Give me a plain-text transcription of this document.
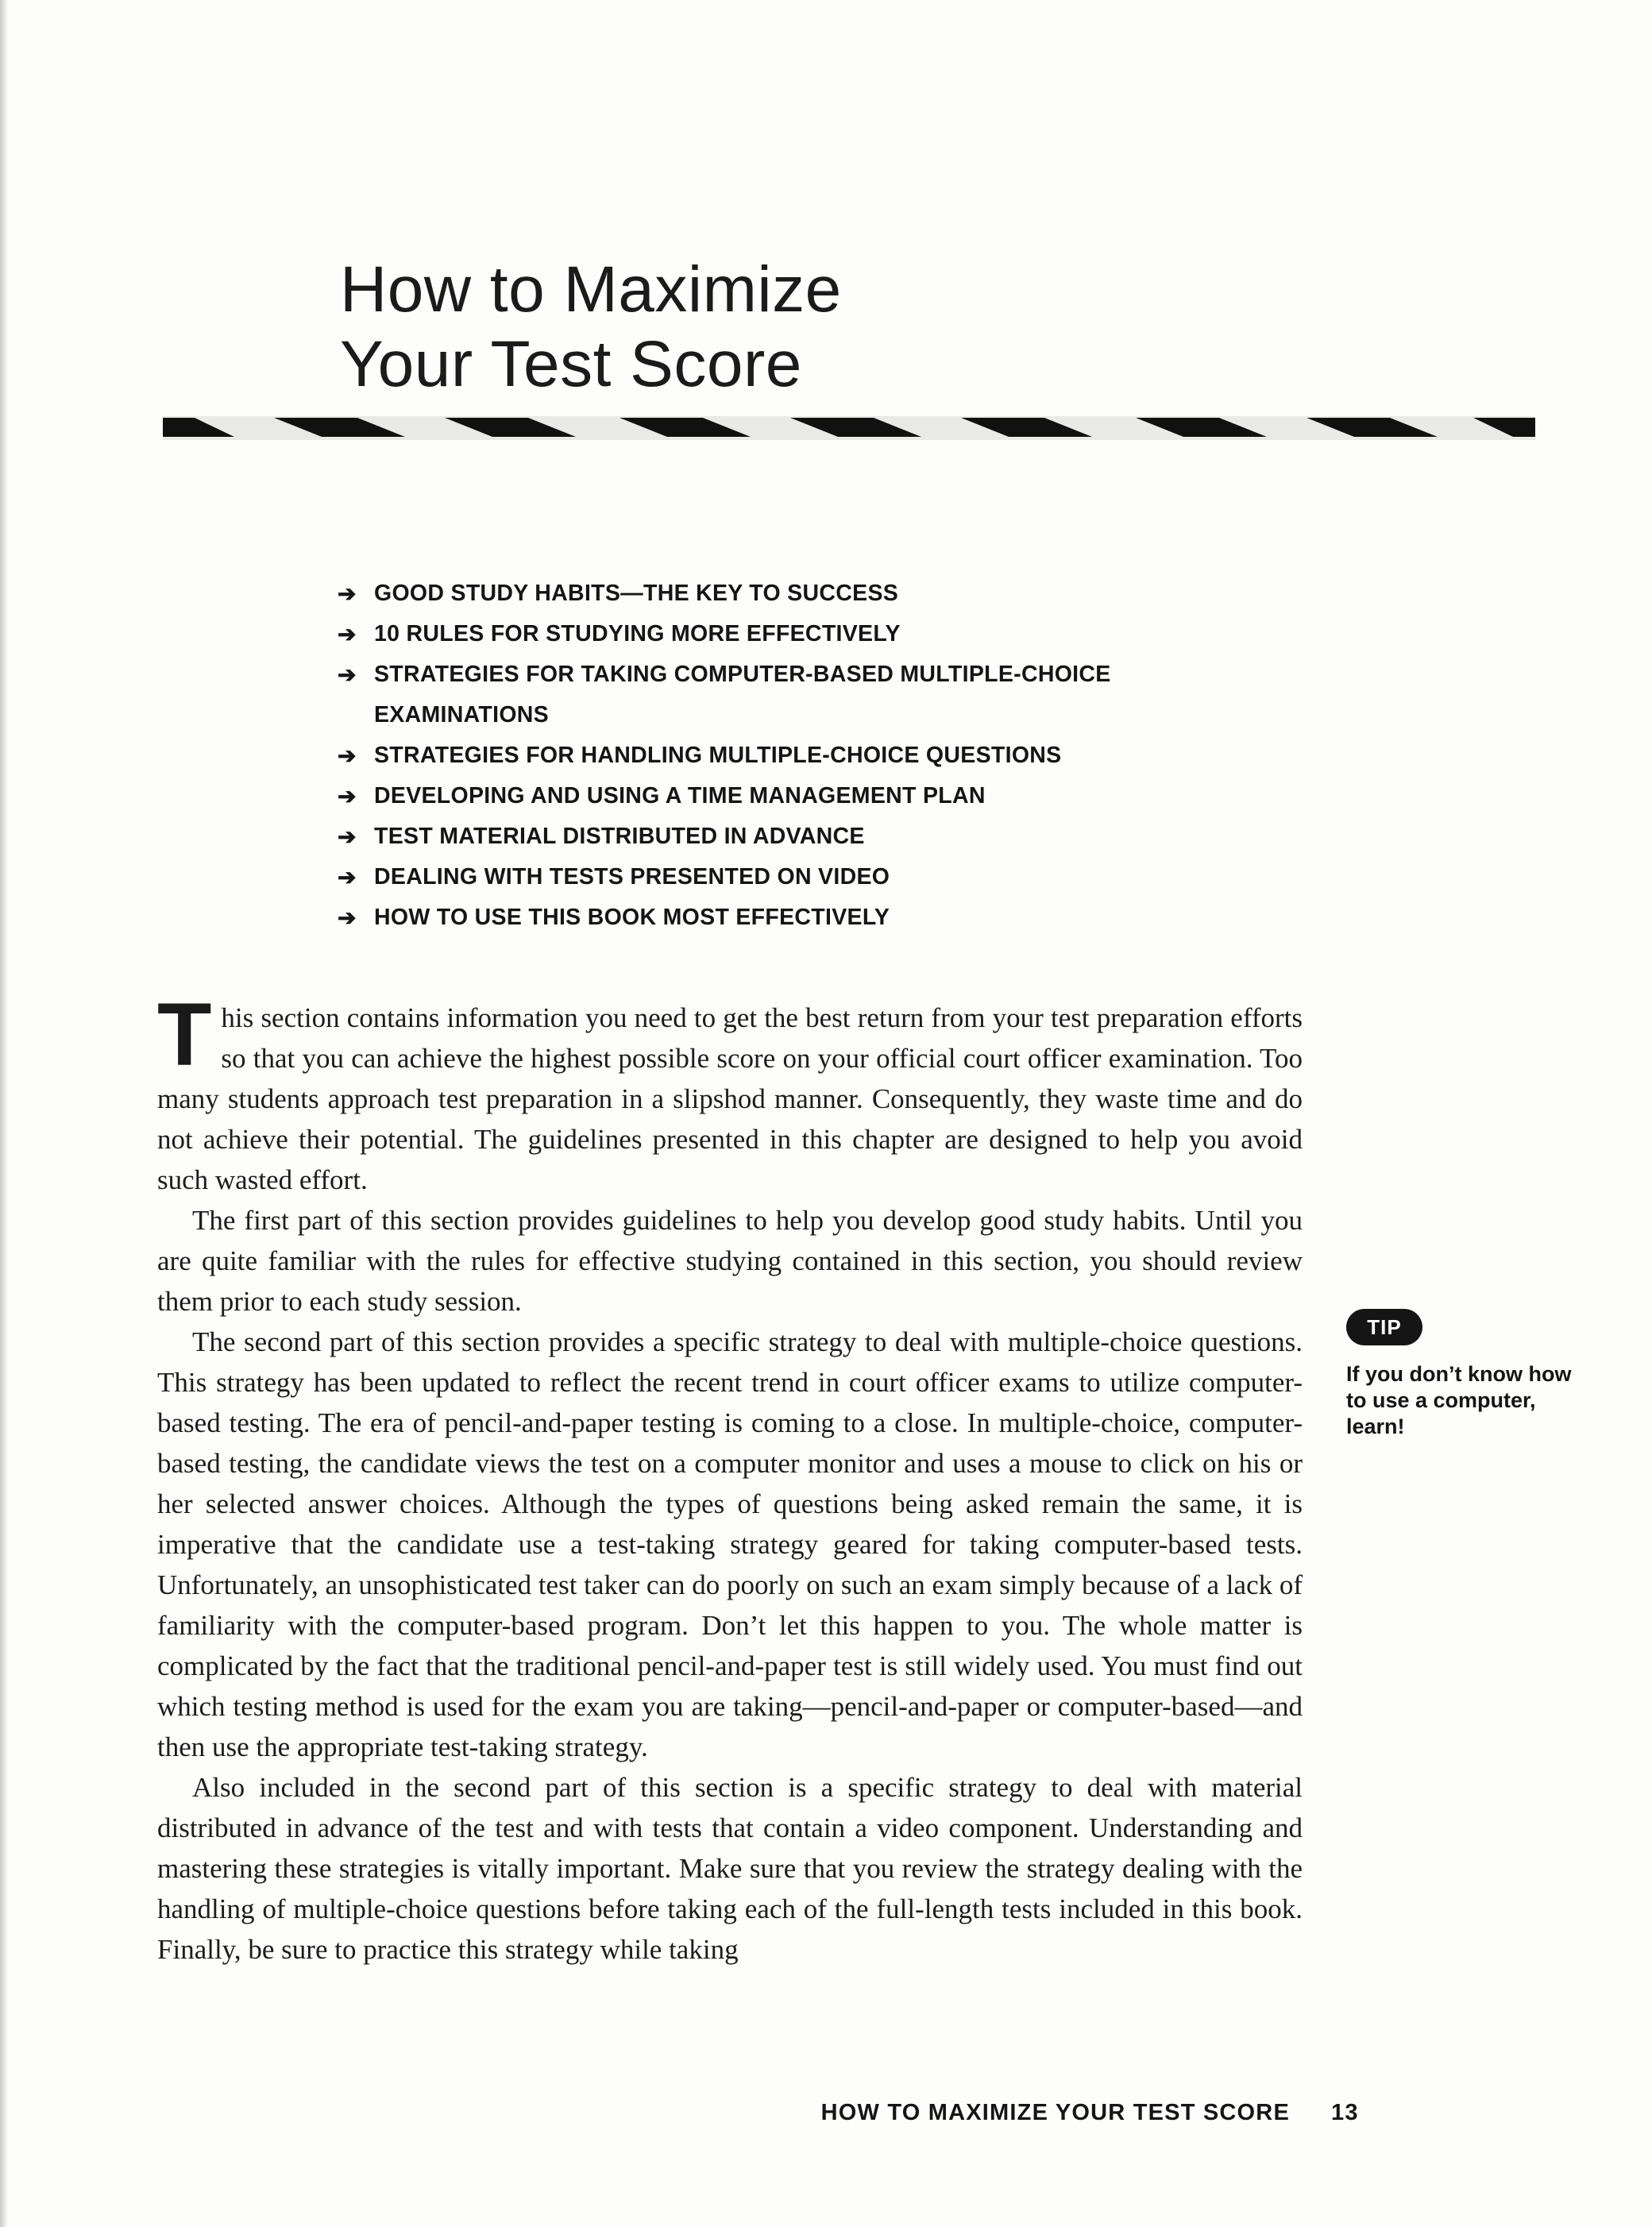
How to Maximize
Your Test Score
➔ GOOD STUDY HABITS—THE KEY TO SUCCESS
➔ 10 RULES FOR STUDYING MORE EFFECTIVELY
➔ STRATEGIES FOR TAKING COMPUTER-BASED MULTIPLE-CHOICE EXAMINATIONS
➔ STRATEGIES FOR HANDLING MULTIPLE-CHOICE QUESTIONS
➔ DEVELOPING AND USING A TIME MANAGEMENT PLAN
➔ TEST MATERIAL DISTRIBUTED IN ADVANCE
➔ DEALING WITH TESTS PRESENTED ON VIDEO
➔ HOW TO USE THIS BOOK MOST EFFECTIVELY

This section contains information you need to get the best return from your test preparation efforts so that you can achieve the highest possible score on your official court officer examination. Too many students approach test preparation in a slipshod manner. Consequently, they waste time and do not achieve their potential. The guidelines presented in this chapter are designed to help you avoid such wasted effort.

The first part of this section provides guidelines to help you develop good study habits. Until you are quite familiar with the rules for effective studying contained in this section, you should review them prior to each study session.

The second part of this section provides a specific strategy to deal with multiple-choice questions. This strategy has been updated to reflect the recent trend in court officer exams to utilize computer-based testing. The era of pencil-and-paper testing is coming to a close. In multiple-choice, computer-based testing, the candidate views the test on a computer monitor and uses a mouse to click on his or her selected answer choices. Although the types of questions being asked remain the same, it is imperative that the candidate use a test-taking strategy geared for taking computer-based tests. Unfortunately, an unsophisticated test taker can do poorly on such an exam simply because of a lack of familiarity with the computer-based program. Don’t let this happen to you. The whole matter is complicated by the fact that the traditional pencil-and-paper test is still widely used. You must find out which testing method is used for the exam you are taking—pencil-and-paper or computer-based—and then use the appropriate test-taking strategy.

Also included in the second part of this section is a specific strategy to deal with material distributed in advance of the test and with tests that contain a video component. Understanding and mastering these strategies is vitally important. Make sure that you review the strategy dealing with the handling of multiple-choice questions before taking each of the full-length tests included in this book. Finally, be sure to practice this strategy while taking

TIP
If you don’t know how to use a computer, learn!
HOW TO MAXIMIZE YOUR TEST SCORE 13
